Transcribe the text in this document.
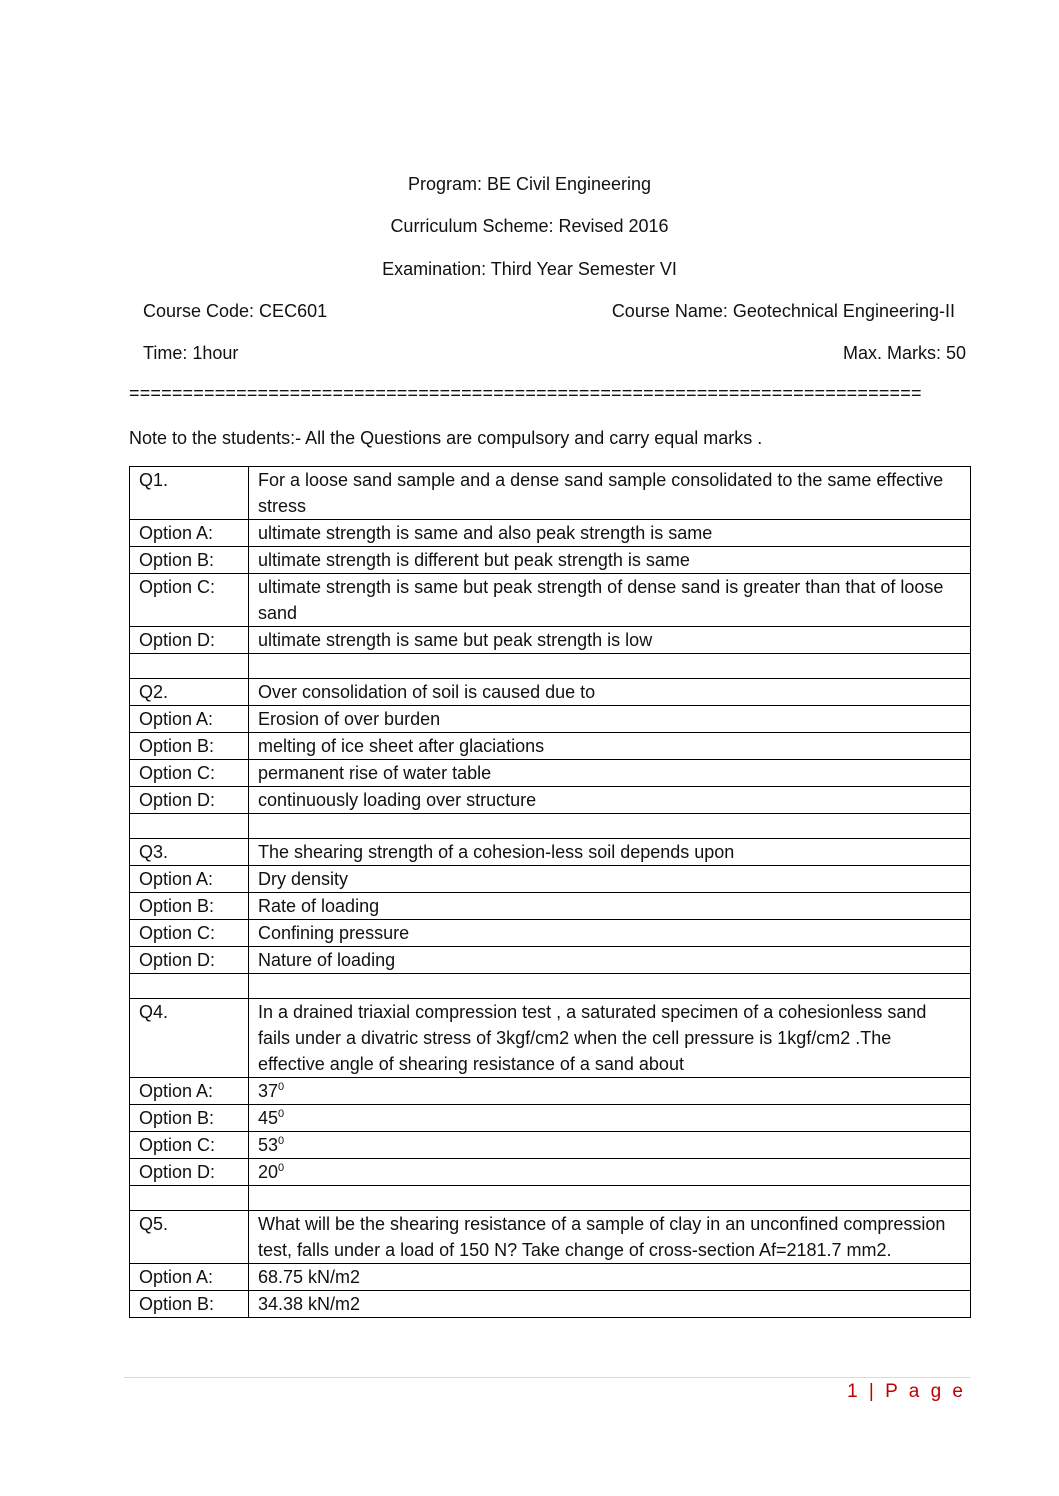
Program: BE Civil Engineering
Curriculum Scheme: Revised 2016
Examination: Third Year Semester VI
Course Code: CEC601	Course Name: Geotechnical Engineering-II
Time: 1hour	Max. Marks: 50
==========================================================================
Note to the students:- All the Questions are compulsory and carry equal marks .
Q1.	For a loose sand sample and a dense sand sample consolidated to the same effective stress
Option A:	ultimate strength is same and also peak strength is same
Option B:	ultimate strength is different but peak strength is same
Option C:	ultimate strength is same but peak strength of dense sand is greater than that of loose sand
Option D:	ultimate strength is same but peak strength is low

Q2.	Over consolidation of soil is caused due to
Option A:	Erosion of over burden
Option B:	melting of ice sheet after glaciations
Option C:	permanent rise of water table
Option D:	continuously loading over structure

Q3.	The shearing strength of a cohesion-less soil depends upon
Option A:	Dry density
Option B:	Rate of loading
Option C:	Confining pressure
Option D:	Nature of loading

Q4.	In a drained triaxial compression test , a saturated specimen of a cohesionless sand fails under a divatric stress of 3kgf/cm2 when the cell pressure is 1kgf/cm2 .The effective angle of shearing resistance of a sand about
Option A:	$37^0$
Option B:	$45^0$
Option C:	$53^0$
Option D:	$20^0$

Q5.	What will be the shearing resistance of a sample of clay in an unconfined compression test, falls under a load of 150 N? Take change of cross-section Af=2181.7 mm2.
Option A:	68.75 kN/m2
Option B:	34.38 kN/m2
1 | P a g e
